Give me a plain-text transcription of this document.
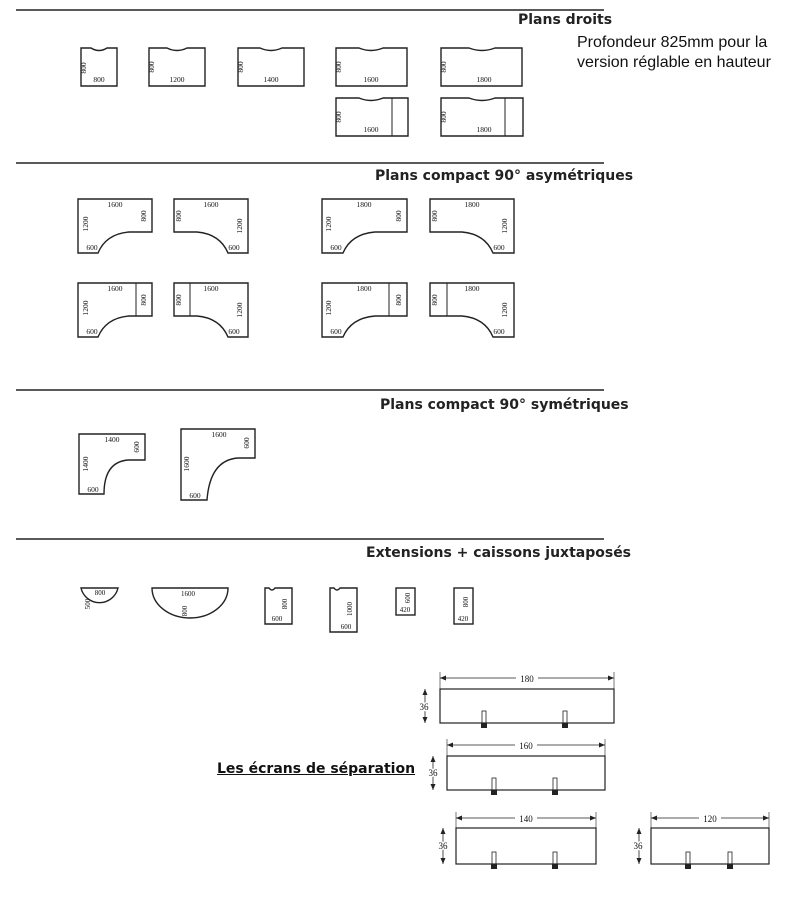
Plans droits
Plans compact 90° asymétriques
Plans compact 90° symétriques
Extensions + caissons juxtaposés
Profondeur 825mm pour la
version réglable en hauteur
Les écrans de séparation
800
800
800
1200
800
1400
800
1600
800
1800
800
1600
800
1800
1600
1200
800
600
1600
800
1200
600
1800
1200
800
600
1800
800
1200
600
1600
1200
800
600
1600
800
1200
600
1800
1200
800
600
1800
800
1200
600
1400
1400
600
600
1600
1600
600
600
800
500
1600
800
800
600
1000
600
600
420
800
420
180
36
160
36
140
36
120
36
